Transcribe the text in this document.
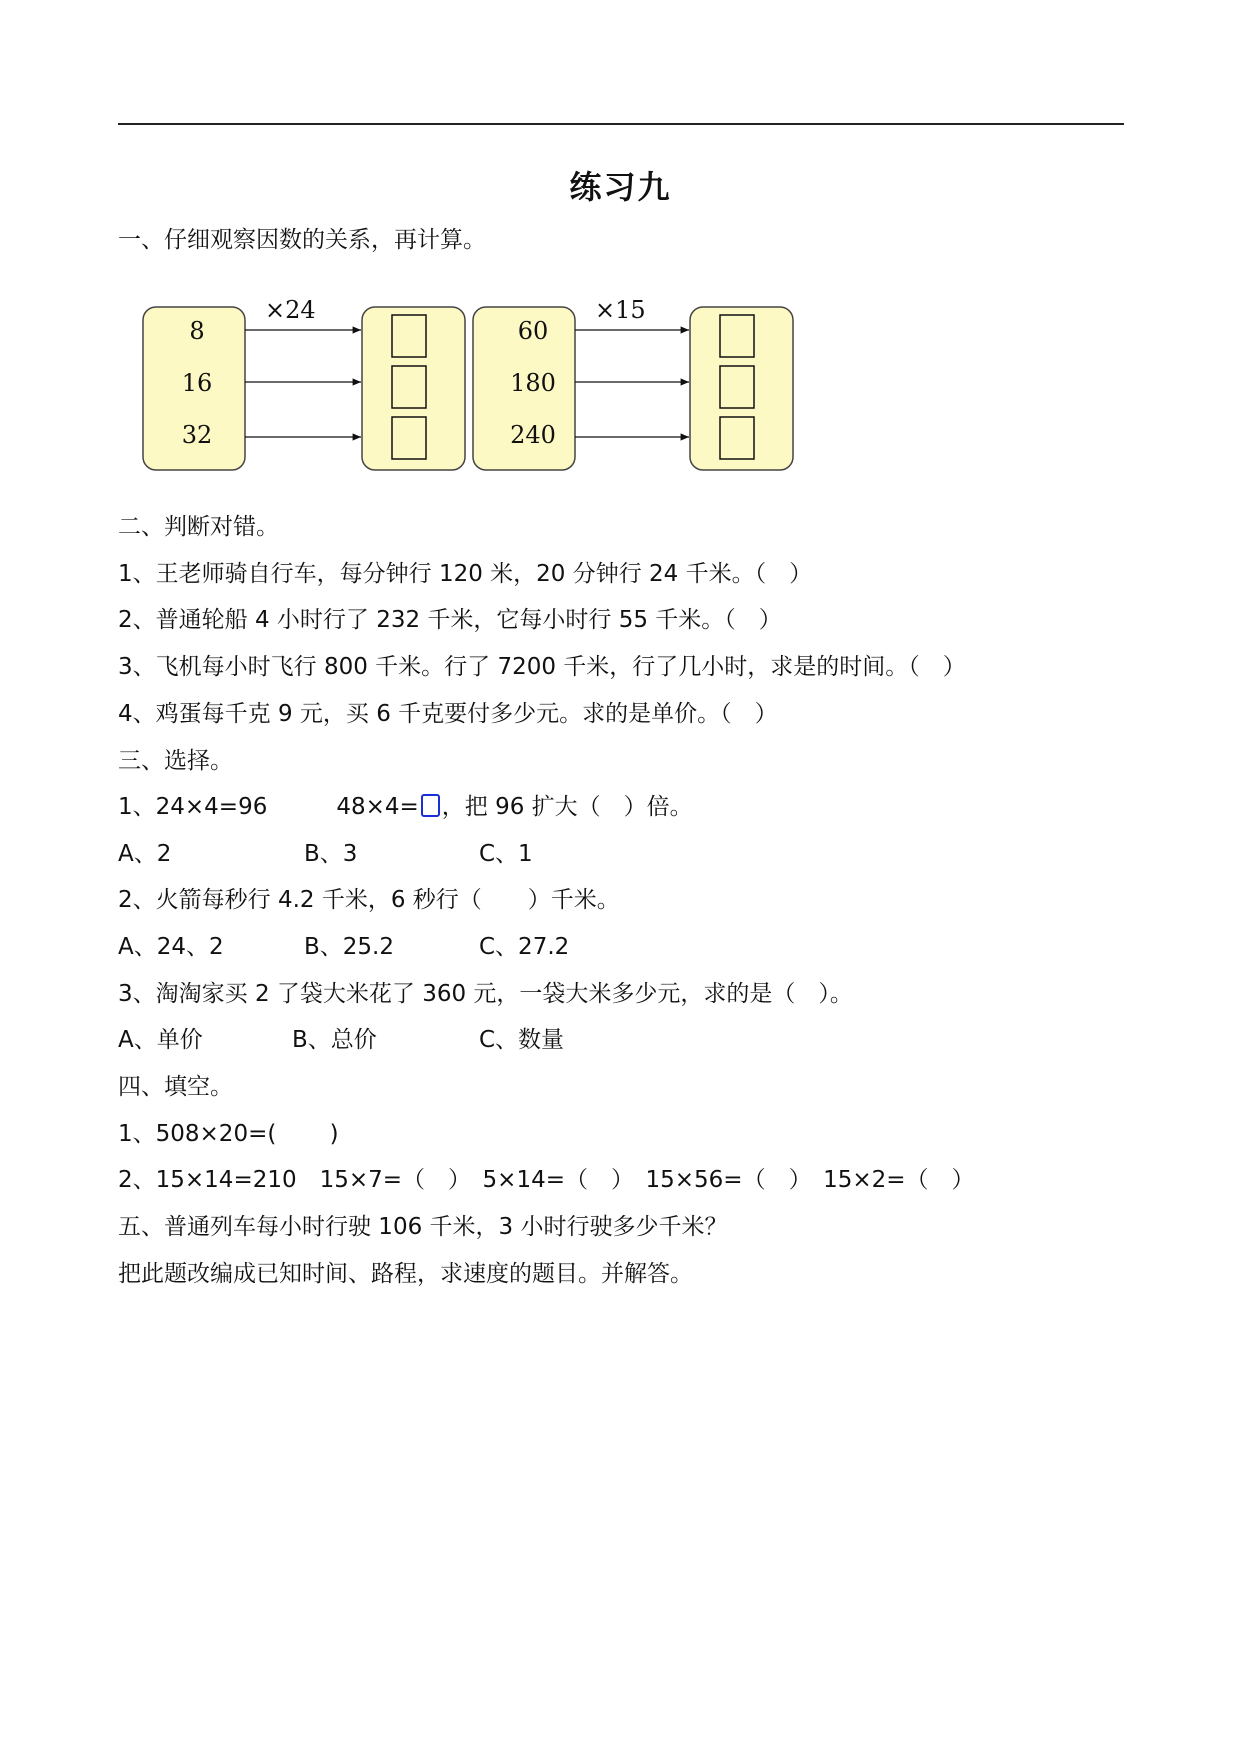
练习九
一、仔细观察因数的关系，再计算。
8
16
32
×24
60
180
240
×15
二、判断对错。
1、王老师骑自行车，每分钟行 120 米，20 分钟行 24 千米。（　）
2、普通轮船 4 小时行了 232 千米，它每小时行 55 千米。（　）
3、飞机每小时飞行 800 千米。行了 7200 千米，行了几小时，求是的时间。（　）
4、鸡蛋每千克 9 元，买 6 千克要付多少元。求的是单价。（　）
三、选择。
1、24×4=96　　　48×4= ，把 96 扩大（　）倍。
A、2	B、3	C、1
2、火箭每秒行 4.2 千米，6 秒行（　　）千米。
A、24、2	B、25.2	C、27.2
3、淘淘家买 2 了袋大米花了 360 元，一袋大米多少元，求的是（　）。
A、单价	B、总价	C、数量
四、填空。
1、508×20=(　　 )
2、15×14=210　15×7=（　）　5×14=（　）　15×56=（　）　15×2=（　）
五、普通列车每小时行驶 106 千米，3 小时行驶多少千米？
把此题改编成已知时间、路程，求速度的题目。并解答。
